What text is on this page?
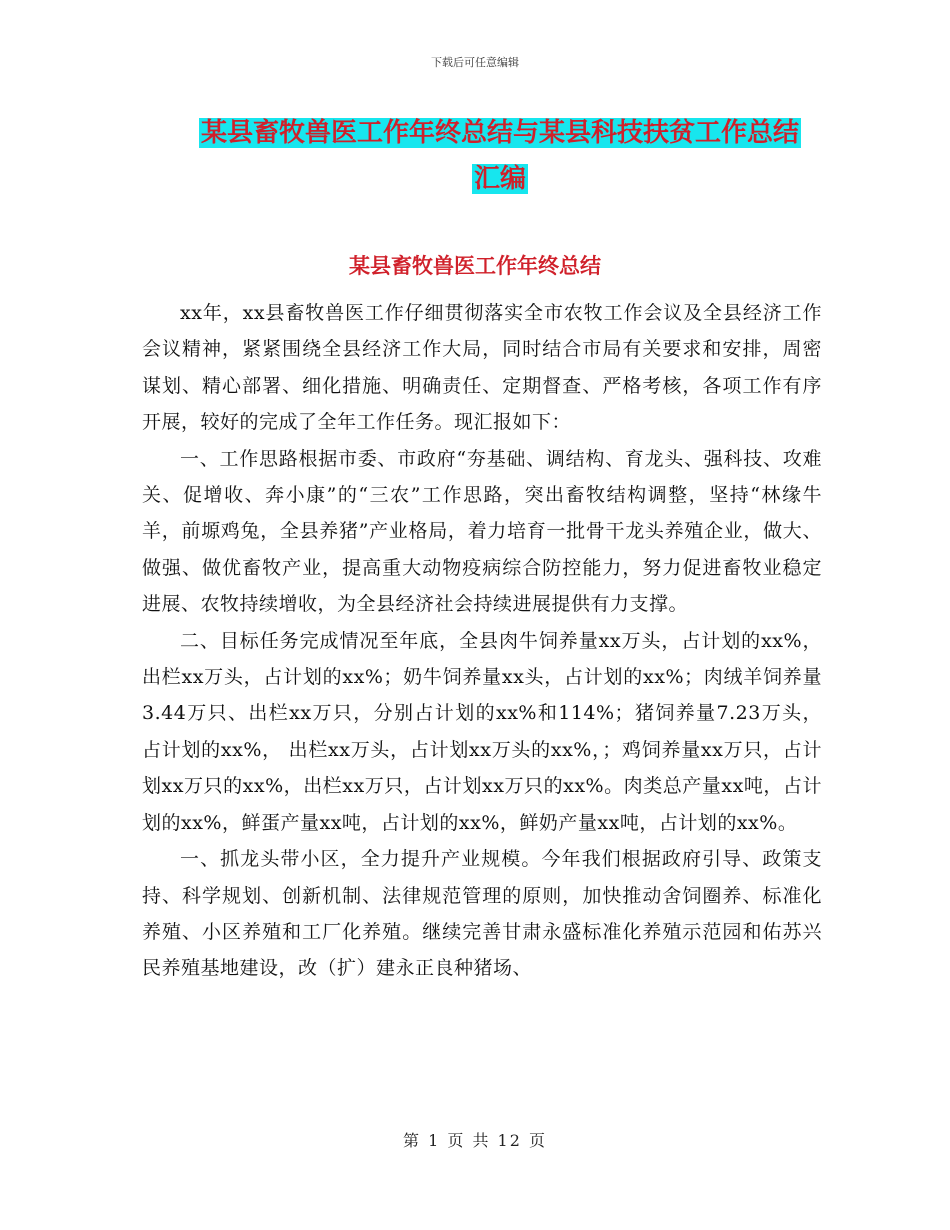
下载后可任意编辑
某县畜牧兽医工作年终总结与某县科技扶贫工作总结
汇编
某县畜牧兽医工作年终总结

xx年，xx县畜牧兽医工作仔细贯彻落实全市农牧工作会议及全县经济工作会议精神，紧紧围绕全县经济工作大局，同时结合市局有关要求和安排，周密谋划、精心部署、细化措施、明确责任、定期督查、严格考核，各项工作有序开展，较好的完成了全年工作任务。现汇报如下：

一、工作思路根据市委、市政府“夯基础、调结构、育龙头、强科技、攻难关、促增收、奔小康”的“三农”工作思路，突出畜牧结构调整，坚持“林缘牛羊，前塬鸡兔，全县养猪”产业格局，着力培育一批骨干龙头养殖企业，做大、做强、做优畜牧产业，提高重大动物疫病综合防控能力，努力促进畜牧业稳定进展、农牧持续增收，为全县经济社会持续进展提供有力支撑。

二、目标任务完成情况至年底，全县肉牛饲养量xx万头，占计划的xx%，出栏xx万头，占计划的xx%；奶牛饲养量xx头，占计划的xx%；肉绒羊饲养量3.44万只、出栏xx万只，分别占计划的xx%和114%；猪饲养量7.23万头， 占计划的xx%， 出栏xx万头，占计划xx万头的xx%，；鸡饲养量xx万只，占计划xx万只的xx%，出栏xx万只，占计划xx万只的xx%。肉类总产量xx吨，占计划的xx%，鲜蛋产量xx吨，占计划的xx%，鲜奶产量xx吨，占计划的xx%。

一、抓龙头带小区，全力提升产业规模。今年我们根据政府引导、政策支持、科学规划、创新机制、法律规范管理的原则，加快推动舍饲圈养、标准化养殖、小区养殖和工厂化养殖。继续完善甘肃永盛标准化养殖示范园和佑苏兴民养殖基地建设，改（扩）建永正良种猪场、

第 1 页 共 12 页
